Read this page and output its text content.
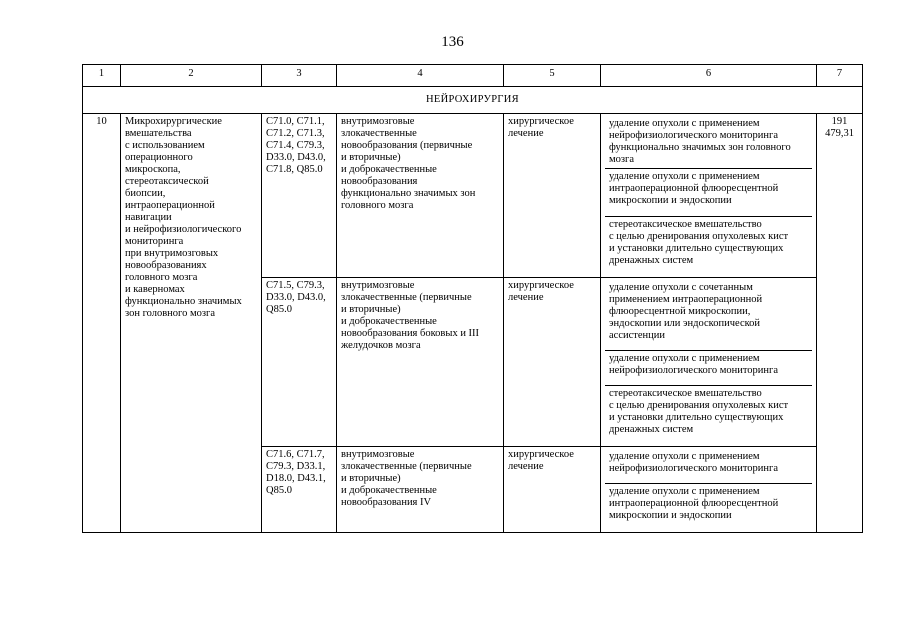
136
1	2	3	4	5	6	7
НЕЙРОХИРУРГИЯ
10	Микрохирургические
вмешательства
с использованием
операционного
микроскопа,
стереотаксической
биопсии,
интраоперационной
навигации
и нейрофизиологического
мониторинга
при внутримозговых
новообразованиях
головного мозга
и каверномах
функционально значимых
зон головного мозга	C71.0, C71.1,
C71.2, C71.3,
C71.4, C79.3,
D33.0, D43.0,
C71.8, Q85.0	внутримозговые
злокачественные
новообразования (первичные
и вторичные)
и доброкачественные
новообразования
функционально значимых зон
головного мозга	хирургическое
лечение	
удаление опухоли с применением
нейрофизиологического мониторинга
функционально значимых зон головного
мозга
удаление опухоли с применением
интраоперационной флюоресцентной
микроскопии и эндоскопии
стереотаксическое вмешательство
с целью дренирования опухолевых кист
и установки длительно существующих
дренажных систем
	191 479,31
C71.5, C79.3,
D33.0, D43.0,
Q85.0	внутримозговые
злокачественные (первичные
и вторичные)
и доброкачественные
новообразования боковых и III
желудочков мозга	хирургическое
лечение	
удаление опухоли с сочетанным
применением интраоперационной
флюоресцентной микроскопии,
эндоскопии или эндоскопической
ассистенции
удаление опухоли с применением
нейрофизиологического мониторинга
стереотаксическое вмешательство
с целью дренирования опухолевых кист
и установки длительно существующих
дренажных систем

C71.6, C71.7,
C79.3, D33.1,
D18.0, D43.1,
Q85.0	внутримозговые
злокачественные (первичные
и вторичные)
и доброкачественные
новообразования IV	хирургическое
лечение	
удаление опухоли с применением
нейрофизиологического мониторинга
удаление опухоли с применением
интраоперационной флюоресцентной
микроскопии и эндоскопии
